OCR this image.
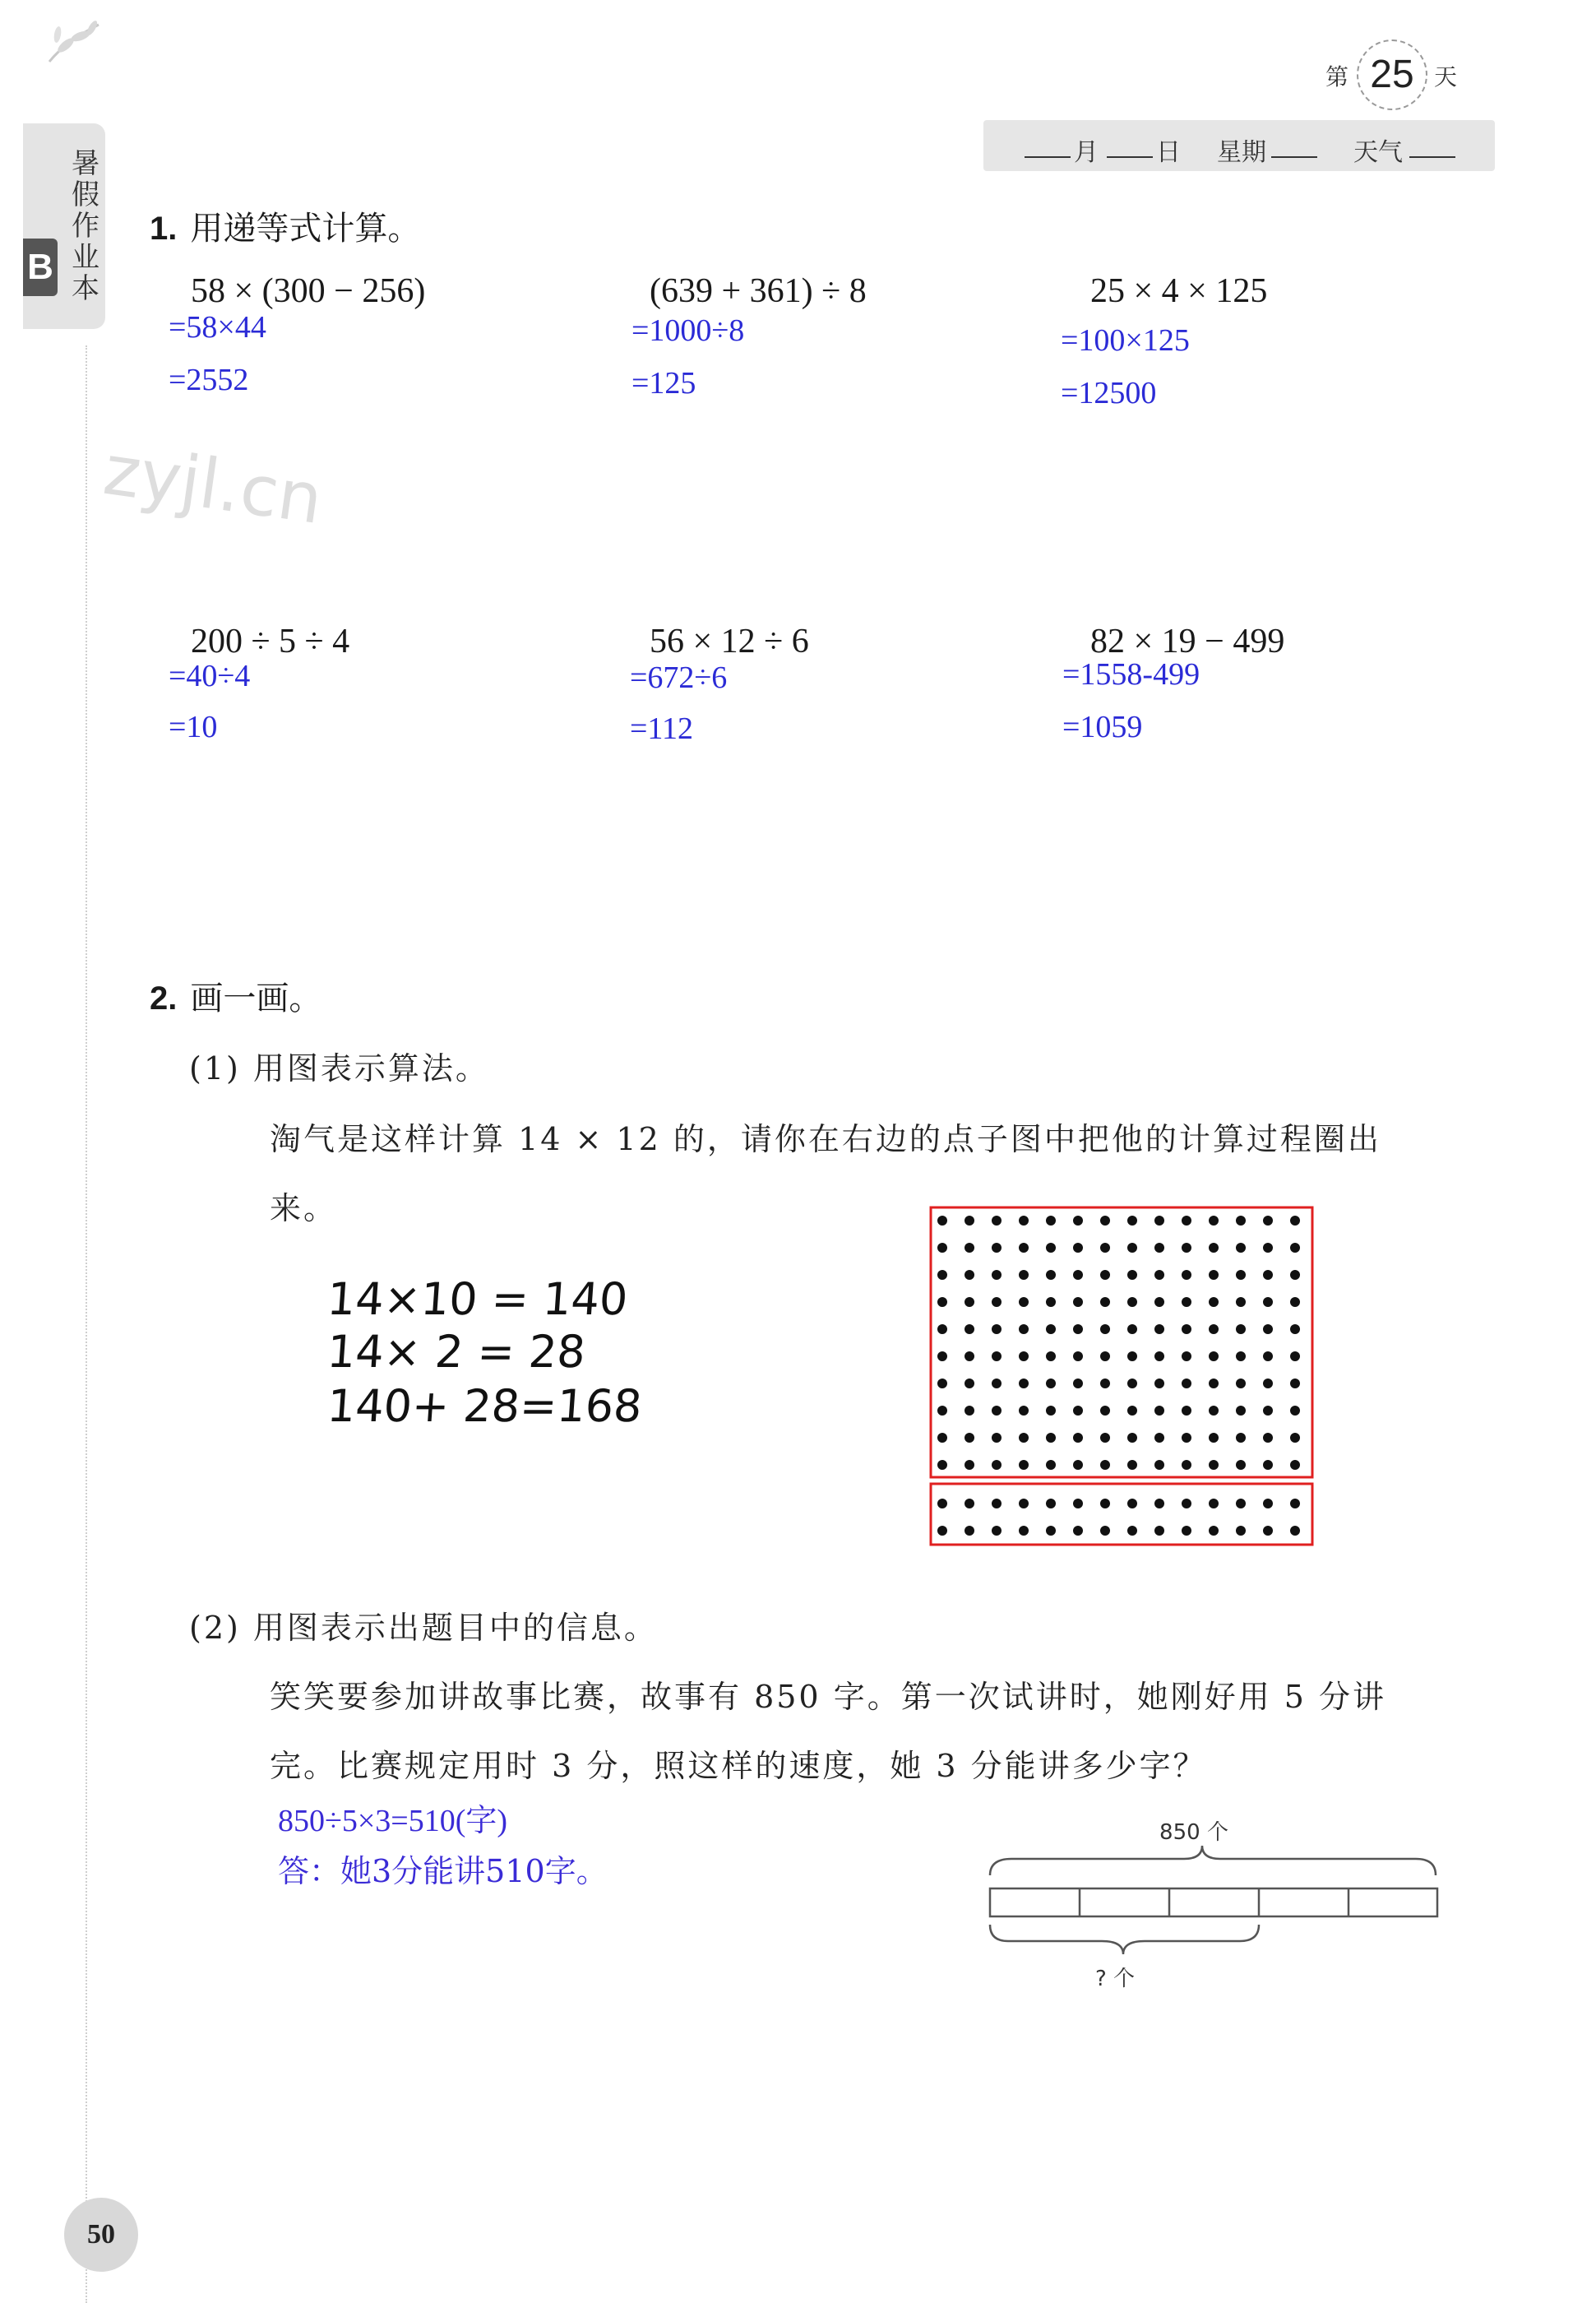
暑假作业本
B
第 25 天
月 日 星期	天气
zyjl.cn
1. 用递等式计算。
58 × (300 − 256)
=58×44
=2552
(639 + 361) ÷ 8
=1000÷8
=125
25 × 4 × 125
=100×125
=12500
200 ÷ 5 ÷ 4
=40÷4
=10
56 × 12 ÷ 6
=672÷6
=112
82 × 19 − 499
=1558-499
=1059
2. 画一画。
(1) 用图表示算法。
淘气是这样计算 14 × 12 的，请你在右边的点子图中把他的计算过程圈出
来。
14×10 = 140
14× 2 = 28
140+ 28=168
(2) 用图表示出题目中的信息。
笑笑要参加讲故事比赛，故事有 850 字。第一次试讲时，她刚好用 5 分讲
完。比赛规定用时 3 分，照这样的速度，她 3 分能讲多少字？
850÷5×3=510(字)
答：她3分能讲510字。
850 个
? 个
50
